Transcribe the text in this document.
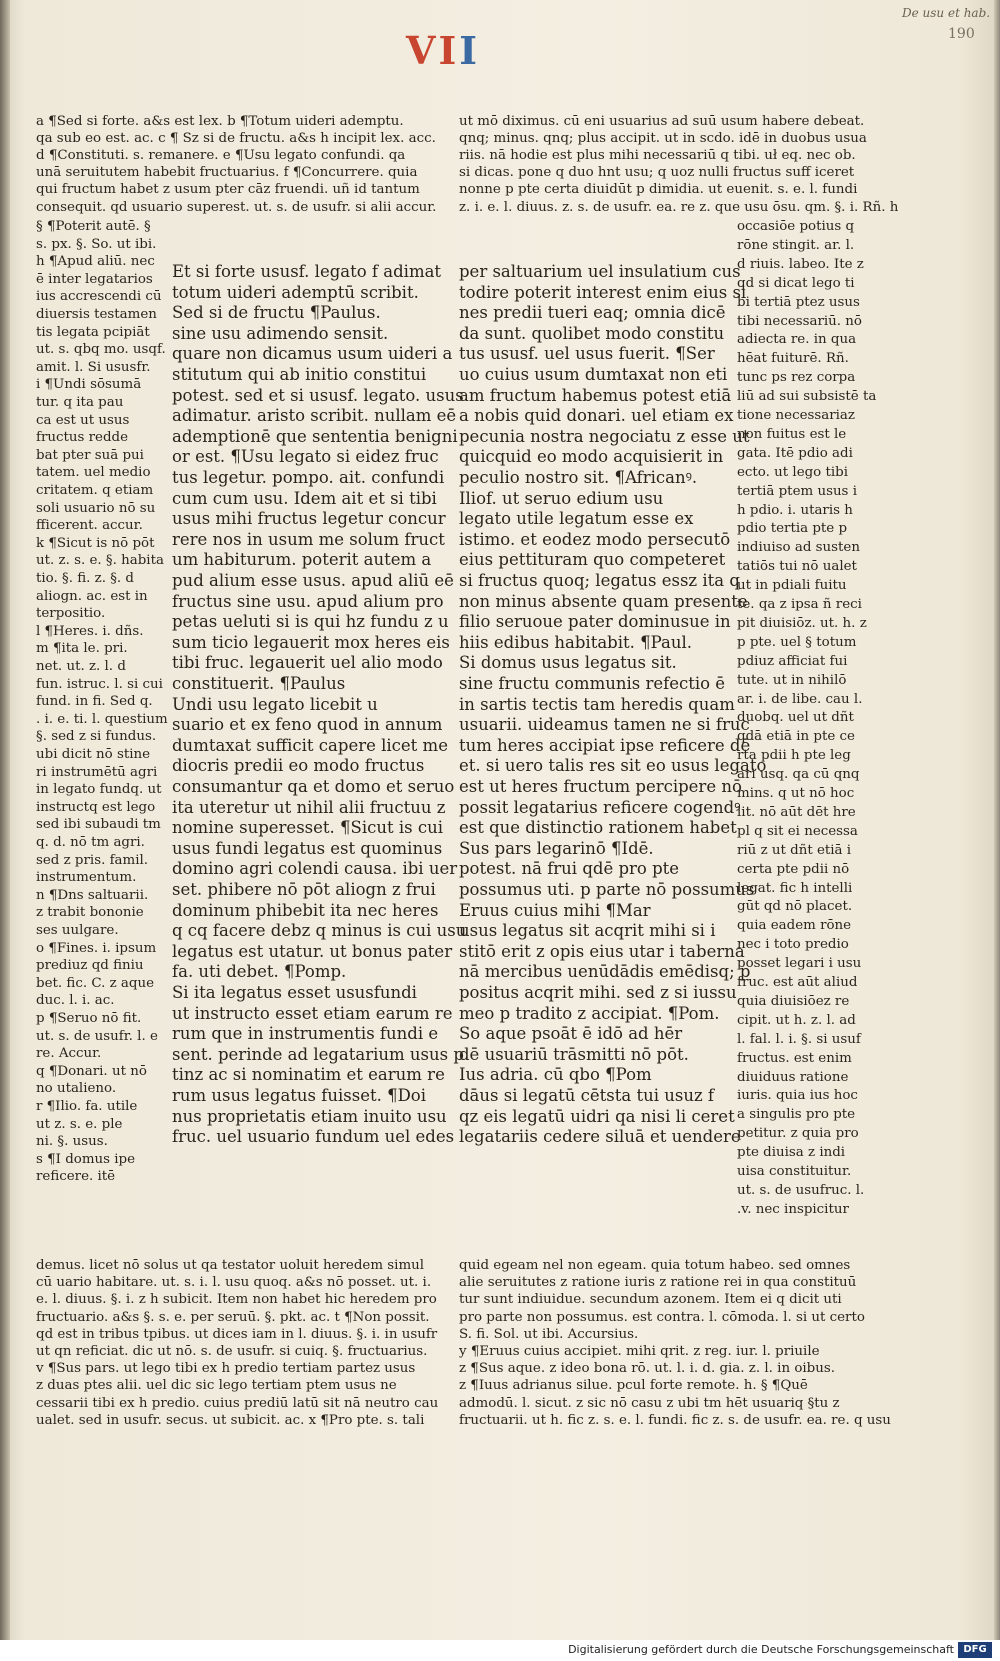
De usu et hab.
190
VII
a ¶Sed si forte. a&s est lex. b ¶Totum uideri ademptu.
qa sub eo est. ac. c ¶ Sz si de fructu. a&s h incipit lex. acc.
d ¶Constituti. s. remanere. e ¶Usu legato confundi. qa
unā seruitutem habebit fructuarius. f ¶Concurrere. quia
qui fructum habet z usum pter cāz fruendi. uñ id tantum
consequit. qd usuario superest. ut. s. de usufr. si alii accur.
ut mō diximus. cū eni usuarius ad suū usum habere debeat.
qnq; minus. qnq; plus accipit. ut in scdo. idē in duobus usua
riis. nā hodie est plus mihi necessariū q tibi. uł eq. nec ob.
si dicas. pone q duo hnt usu; q uoz nulli fructus suff iceret
nonne p pte certa diuidūt p dimidia. ut euenit. s. e. l. fundi
z. i. e. l. diuus. z. s. de usufr. ea. re z. que usu ōsu. qm. §. i. Rñ. h
§ ¶Poterit autē. §
s. px. §. So. ut ibi.
h ¶Apud aliū. nec
ē inter legatarios
ius accrescendi cū
diuersis testamen
tis legata pcipiāt
ut. s. qbq mo. usqf.
amit. l. Si ususfr.
i ¶Undi sōsumā
tur. q ita pau
ca est ut usus
fructus redde
bat pter suā pui
tatem. uel medio
critatem. q etiam
soli usuario nō su
fficerent. accur.
k ¶Sicut is nō pōt
ut. z. s. e. §. habita
tio. §. fi. z. §. d
aliogn. ac. est in
terpositio.
l ¶Heres. i. dñs.
m ¶ita le. pri.
net. ut. z. l. d
fun. istruc. l. si cui
fund. in fi. Sed q.
. i. e. ti. l. questium
§. sed z si fundus.
ubi dicit nō stine
ri instrumētū agri
in legato fundq. ut
instructq est lego
sed ibi subaudi tm
q. d. nō tm agri.
sed z pris. famil.
instrumentum.
n ¶Dns saltuarii.
z trabit bononie
ses uulgare.
o ¶Fines. i. ipsum
prediuz qd finiu
bet. fic. C. z aque
duc. l. i. ac.
p ¶Seruo nō fit.
ut. s. de usufr. l. e
re. Accur.
q ¶Donari. ut nō
no utalieno.
r ¶Ilio. fa. utile
ut z. s. e. ple
ni. §. usus.
s ¶I domus ipe
reficere. itē
Et si forte ususf. legato f adimat
totum uideri ademptū scribit.
Sed si de fructu ¶Paulus.
sine usu adimendo sensit.
quare non dicamus usum uideri a
stitutum qui ab initio constitui
potest. sed et si ususf. legato. usus
adimatur. aristo scribit. nullam eē
ademptionē que sententia benigni
or est. ¶Usu legato si eidez fruc
tus legetur. pompo. ait. confundi
cum cum usu. Idem ait et si tibi
usus mihi fructus legetur concur
rere nos in usum me solum fruct
um habiturum. poterit autem a
pud alium esse usus. apud aliū eē
fructus sine usu. apud alium pro
petas ueluti si is qui hz fundu z u
sum ticio legauerit mox heres eis
tibi fruc. legauerit uel alio modo
constituerit. ¶Paulus
Undi usu legato licebit u
suario et ex feno quod in annum
dumtaxat sufficit capere licet me
diocris predii eo modo fructus
consumantur qa et domo et seruo
ita uteretur ut nihil alii fructuu z
nomine superesset. ¶Sicut is cui
usus fundi legatus est quominus
domino agri colendi causa. ibi uer
set. phibere nō pōt aliogn z frui
dominum phibebit ita nec heres
q cq facere debz q minus is cui usu
legatus est utatur. ut bonus pater
fa. uti debet. ¶Pomp.
Si ita legatus esset ususfundi
ut instructo esset etiam earum re
rum que in instrumentis fundi e
sent. perinde ad legatarium usus p
tinz ac si nominatim et earum re
rum usus legatus fuisset. ¶Doi
nus proprietatis etiam inuito usu
fruc. uel usuario fundum uel edes
per saltuarium uel insulatium cus
todire poterit interest enim eius si
nes predii tueri eaq; omnia dicē
da sunt. quolibet modo constitu
tus ususf. uel usus fuerit. ¶Ser
uo cuius usum dumtaxat non eti
am fructum habemus potest etiā
a nobis quid donari. uel etiam ex
pecunia nostra negociatu z esse ut
quicquid eo modo acquisierit in
peculio nostro sit. ¶Africanꝰ.
Iliof. ut seruo edium usu
legato utile legatum esse ex
istimo. et eodez modo persecutō
eius pettituram quo competeret
si fructus quoq; legatus essz ita q
non minus absente quam presente
filio seruoue pater dominusue in
hiis edibus habitabit. ¶Paul.
Si domus usus legatus sit.
sine fructu communis refectio ē
in sartis tectis tam heredis quam
usuarii. uideamus tamen ne si fruc
tum heres accipiat ipse reficere dē
et. si uero talis res sit eo usus legato
est ut heres fructum percipere nō
possit legatarius reficere cogendꝰ
est que distinctio rationem habet
Sus pars legarinō ¶Idē.
potest. nā frui qdē pro pte
possumus uti. p parte nō possumus
Eruus cuius mihi ¶Mar
usus legatus sit acqrit mihi si i
stitō erit z opis eius utar i taberna
nā mercibus uenūdādis emēdisq; p
positus acqrit mihi. sed z si iussu
meo p tradito z accipiat. ¶Pom.
So aque psoāt ē idō ad hēr
dē usuariū trāsmitti nō pōt.
Ius adria. cū qbo ¶Pom
dāus si legatū cētsta tui usuz f
qz eis legatū uidri qa nisi li ceret
legatariis cedere siluā et uendere
occasiōe potius q
rōne stingit. ar. l.
d riuis. labeo. Ite z
qd si dicat lego ti
bi tertiā ptez usus
tibi necessariū. nō
adiecta re. in qua
hēat fuiturē. Rñ.
tunc ps rez corpa
liū ad sui subsistē ta
tione necessariaz
non fuitus est le
gata. Itē pdio adi
ecto. ut lego tibi
tertiā ptem usus i
h pdio. i. utaris h
pdio tertia pte p
indiuiso ad susten
tatiōs tui nō ualet
ut in pdiali fuitu
te. qa z ipsa ñ reci
pit diuisiōz. ut. h. z
p pte. uel § totum
pdiuz afficiat fui
tute. ut in nihilō
ar. i. de libe. cau l.
duobq. uel ut dñt
qdā etiā in pte ce
rta pdii h pte leg
ari usq. qa cū qnq
mins. q ut nō hoc
lit. nō aūt dēt hre
pl q sit ei necessa
riū z ut dñt etiā i
certa pte pdii nō
legat. fic h intelli
gūt qd nō placet.
quia eadem rōne
nec i toto predio
posset legari i usu
fruc. est aūt aliud
quia diuisiōez re
cipit. ut h. z. l. ad
l. fal. l. i. §. si usuf
fructus. est enim
diuiduus ratione
iuris. quia ius hoc
a singulis pro pte
petitur. z quia pro
pte diuisa z indi
uisa constituitur.
ut. s. de usufruc. l.
.v. nec inspicitur
demus. licet nō solus ut qa testator uoluit heredem simul
cū uario habitare. ut. s. i. l. usu quoq. a&s nō posset. ut. i.
e. l. diuus. §. i. z h subicit. Item non habet hic heredem pro
fructuario. a&s §. s. e. per seruū. §. pkt. ac. t ¶Non possit.
qd est in tribus tpibus. ut dices iam in l. diuus. §. i. in usufr
ut qn reficiat. dic ut nō. s. de usufr. si cuiq. §. fructuarius.
v ¶Sus pars. ut lego tibi ex h predio tertiam partez usus
z duas ptes alii. uel dic sic lego tertiam ptem usus ne
cessarii tibi ex h predio. cuius prediū latū sit nā neutro cau
ualet. sed in usufr. secus. ut subicit. ac. x ¶Pro pte. s. tali
quid egeam nel non egeam. quia totum habeo. sed omnes
alie seruitutes z ratione iuris z ratione rei in qua constituū
tur sunt indiuidue. secundum azonem. Item ei q dicit uti
pro parte non possumus. est contra. l. cōmoda. l. si ut certo
S. fi. Sol. ut ibi. Accursius.
y ¶Eruus cuius accipiet. mihi qrit. z reg. iur. l. priuile
z ¶Sus aque. z ideo bona rō. ut. l. i. d. gia. z. l. in oibus.
z ¶Iuus adrianus silue. pcul forte remote. h. § ¶Quē
admodū. l. sicut. z sic nō casu z ubi tm hēt usuariq §tu z
fructuarii. ut h. fic z. s. e. l. fundi. fic z. s. de usufr. ea. re. q usu
Digitalisierung gefördert durch die Deutsche Forschungsgemeinschaft DFG
